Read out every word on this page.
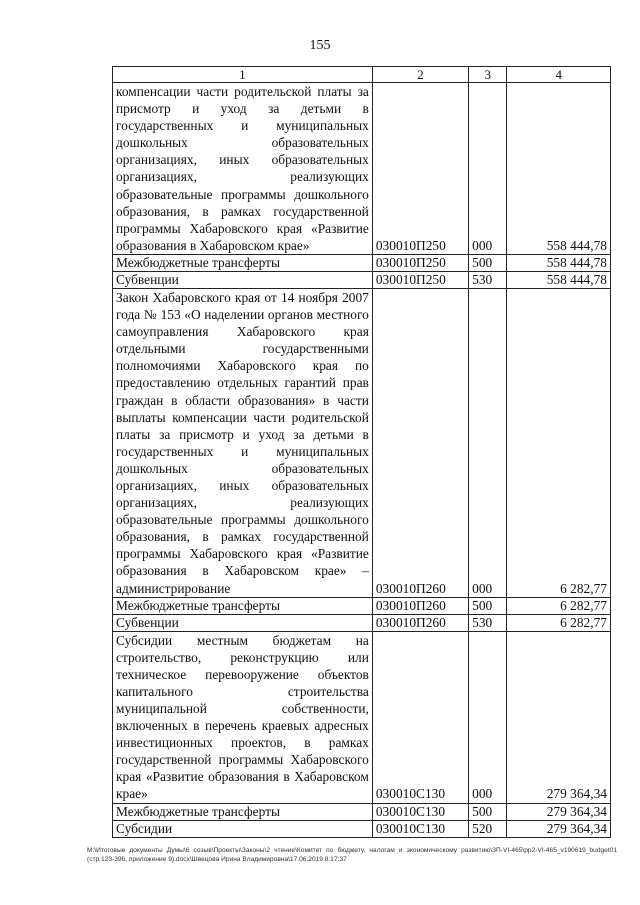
155
1	2	3	4
компенсации части родительской платы за присмотр и уход за детьми в государственных и муниципальных дошкольных образовательных организациях, иных образовательных организациях, реализующих образовательные программы дошкольного образования, в рамках государственной программы Хабаровского края «Развитие образования в Хабаровском крае»	030010П250	000	558 444,78
Межбюджетные трансферты	030010П250	500	558 444,78
Субвенции	030010П250	530	558 444,78
Закон Хабаровского края от 14 ноября 2007 года № 153 «О наделении органов местного самоуправления Хабаровского края отдельными государственными полномочиями Хабаровского края по предоставлению отдельных гарантий прав граждан в области образования» в части выплаты компенсации части родительской платы за присмотр и уход за детьми в государственных и муниципальных дошкольных образовательных организациях, иных образовательных организациях, реализующих образовательные программы дошкольного образования, в рамках государственной программы Хабаровского края «Развитие образования в Хабаровском крае» – администрирование	030010П260	000	6 282,77
Межбюджетные трансферты	030010П260	500	6 282,77
Субвенции	030010П260	530	6 282,77
Субсидии местным бюджетам на строительство, реконструкцию или техническое перевооружение объектов капитального строительства муниципальной собственности, включенных в перечень краевых адресных инвестиционных проектов, в рамках государственной программы Хабаровского края «Развитие образования в Хабаровском крае»	030010С130	000	279 364,34
Межбюджетные трансферты	030010С130	500	279 364,34
Субсидии	030010С130	520	279 364,34
M:\Итоговые документы Думы\6 созыв\Проекты\Законы\2 чтение\Комитет по бюджету, налогам и экономическому развитию\ЗП-VI-465\pp2-VI-465_v190619_budget01 (стр.123-396, приложение 9).docx\Швецова Ирина Владимировна\17.06.2019 8:17:37
